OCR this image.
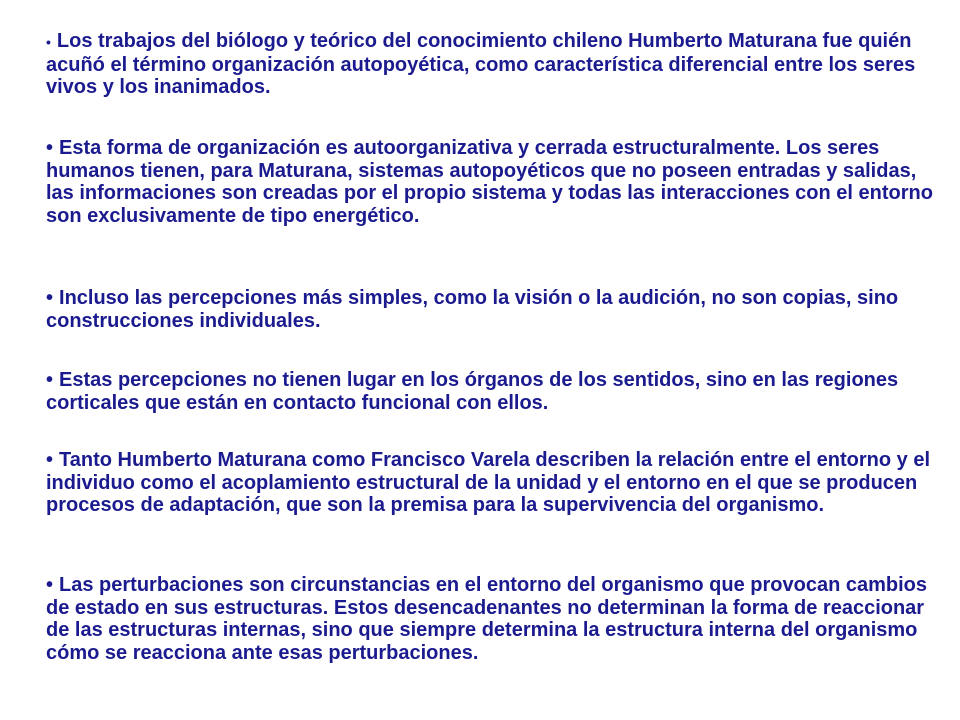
• Los trabajos del biólogo y teórico del conocimiento chileno Humberto Maturana fue quién acuñó el término organización autopoyética, como característica diferencial entre los seres vivos y los inanimados.

• Esta forma de organización es autoorganizativa y cerrada estructuralmente. Los seres humanos tienen, para Maturana, sistemas autopoyéticos que no poseen entradas y salidas, las informaciones son creadas por el propio sistema y todas las interacciones con el entorno son exclusivamente de tipo energético.

• Incluso las percepciones más simples, como la visión o la audición, no son copias, sino construcciones individuales.

• Estas percepciones no tienen lugar en los órganos de los sentidos, sino en las regiones corticales que están en contacto funcional con ellos.

• Tanto Humberto Maturana como Francisco Varela describen la relación entre el entorno y el individuo como el acoplamiento estructural de la unidad y el entorno en el que se producen procesos de adaptación, que son la premisa para la supervivencia del organismo.

• Las perturbaciones son circunstancias en el entorno del organismo que provocan cambios de estado en sus estructuras. Estos desencadenantes no determinan la forma de reaccionar de las estructuras internas, sino que siempre determina la estructura interna del organismo cómo se reacciona ante esas perturbaciones.
